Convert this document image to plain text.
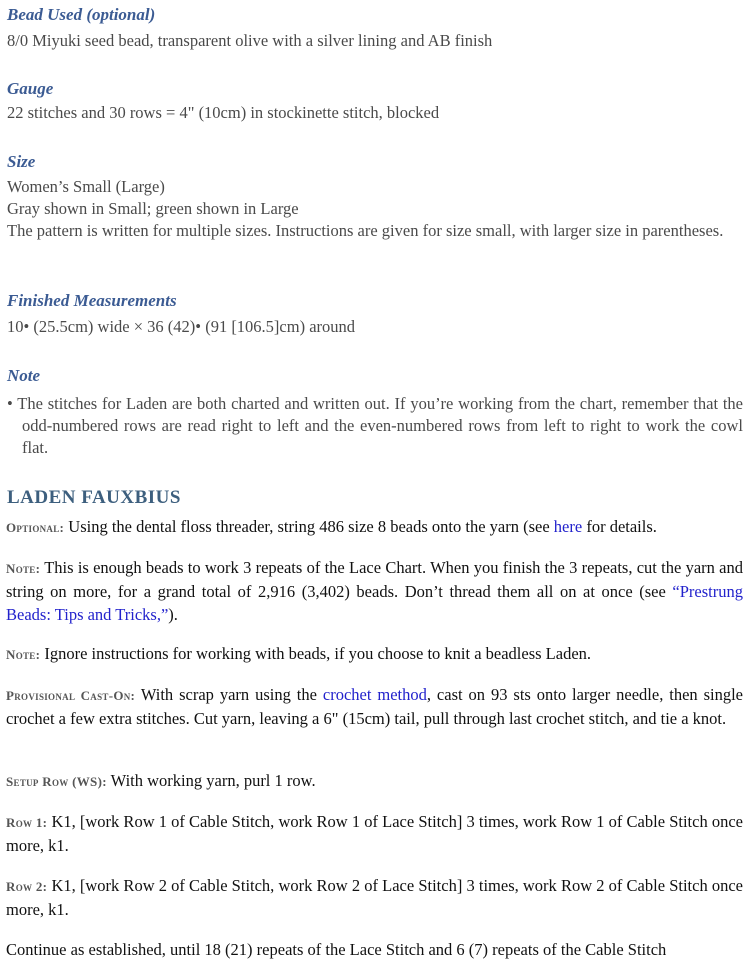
Bead Used (optional)
8/0 Miyuki seed bead, transparent olive with a silver lining and AB finish
Gauge
22 stitches and 30 rows = 4" (10cm) in stockinette stitch, blocked
Size
Women’s Small (Large)
Gray shown in Small; green shown in Large
The pattern is written for multiple sizes. Instructions are given for size small, with larger size in parentheses.
Finished Measurements
10• (25.5cm) wide × 36 (42)• (91 [106.5]cm) around
Note
• The stitches for Laden are both charted and written out. If you’re working from the chart, remember that the odd-numbered rows are read right to left and the even-numbered rows from left to right to work the cowl flat.
LADEN FAUXBIUS
Optional: Using the dental floss threader, string 486 size 8 beads onto the yarn (see here for details.
Note: This is enough beads to work 3 repeats of the Lace Chart. When you finish the 3 repeats, cut the yarn and string on more, for a grand total of 2,916 (3,402) beads. Don’t thread them all on at once (see “Prestrung Beads: Tips and Tricks,”).
Note: Ignore instructions for working with beads, if you choose to knit a beadless Laden.
Provisional Cast-On: With scrap yarn using the crochet method, cast on 93 sts onto larger needle, then single crochet a few extra stitches. Cut yarn, leaving a 6" (15cm) tail, pull through last crochet stitch, and tie a knot.
Setup Row (WS): With working yarn, purl 1 row.
Row 1: K1, [work Row 1 of Cable Stitch, work Row 1 of Lace Stitch] 3 times, work Row 1 of Cable Stitch once more, k1.
Row 2: K1, [work Row 2 of Cable Stitch, work Row 2 of Lace Stitch] 3 times, work Row 2 of Cable Stitch once more, k1.
Continue as established, until 18 (21) repeats of the Lace Stitch and 6 (7) repeats of the Cable Stitch
